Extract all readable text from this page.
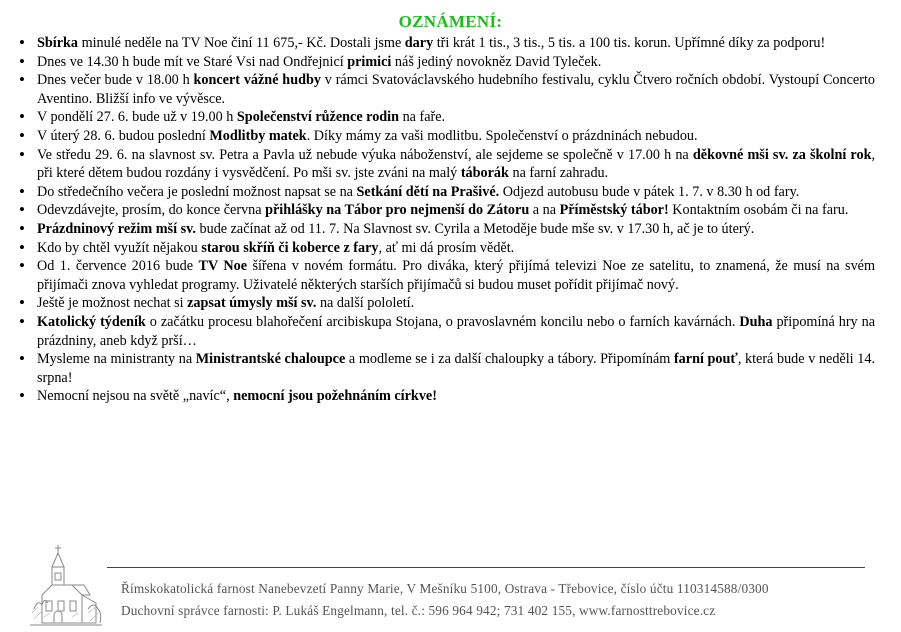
OZNÁMENÍ:
• Sbírka minulé neděle na TV Noe činí 11 675,- Kč. Dostali jsme dary tři krát 1 tis., 3 tis., 5 tis. a 100 tis. korun. Upřímné díky za podporu!
• Dnes ve 14.30 h bude mít ve Staré Vsi nad Ondřejnicí primici náš jediný novokněz David Tyleček.
• Dnes večer bude v 18.00 h koncert vážné hudby v rámci Svatováclavského hudebního festivalu, cyklu Čtvero ročních období. Vystoupí Concerto Aventino. Bližší info ve vývěsce.
• V pondělí 27. 6. bude už v 19.00 h Společenství růžence rodin na faře.
• V úterý 28. 6. budou poslední Modlitby matek. Díky mámy za vaši modlitbu. Společenství o prázdninách nebudou.
• Ve středu 29. 6. na slavnost sv. Petra a Pavla už nebude výuka náboženství, ale sejdeme se společně v 17.00 h na děkovné mši sv. za školní rok, při které dětem budou rozdány i vysvědčení. Po mši sv. jste zváni na malý táborák na farní zahradu.
• Do středečního večera je poslední možnost napsat se na Setkání dětí na Prašivé. Odjezd autobusu bude v pátek 1. 7. v 8.30 h od fary.
• Odevzdávejte, prosím, do konce června přihlášky na Tábor pro nejmenší do Zátoru a na Příměstský tábor! Kontaktním osobám či na faru.
• Prázdninový režim mší sv. bude začínat až od 11. 7. Na Slavnost sv. Cyrila a Metoděje bude mše sv. v 17.30 h, ač je to úterý.
• Kdo by chtěl využít nějakou starou skříň či koberce z fary, ať mi dá prosím vědět.
• Od 1. července 2016 bude TV Noe šířena v novém formátu. Pro diváka, který přijímá televizi Noe ze satelitu, to znamená, že musí na svém přijímači znova vyhledat programy. Uživatelé některých starších přijímačů si budou muset pořídit přijímač nový.
• Ještě je možnost nechat si zapsat úmysly mší sv. na další pololetí.
• Katolický týdeník o začátku procesu blahořečení arcibiskupa Stojana, o pravoslavném koncilu nebo o farních kavárnách. Duha připomíná hry na prázdniny, aneb když prší…
• Mysleme na ministranty na Ministrantské chaloupce a modleme se i za další chaloupky a tábory. Připomínám farní pouť, která bude v neděli 14. srpna!
• Nemocní nejsou na světě „navíc“, nemocní jsou požehnáním církve!
Římskokatolická farnost Nanebevzetí Panny Marie, V Mešníku 5100, Ostrava - Třebovice, číslo účtu 110314588/0300
Duchovní správce farnosti: P. Lukáš Engelmann, tel. č.: 596 964 942; 731 402 155, www.farnosttrebovice.cz
